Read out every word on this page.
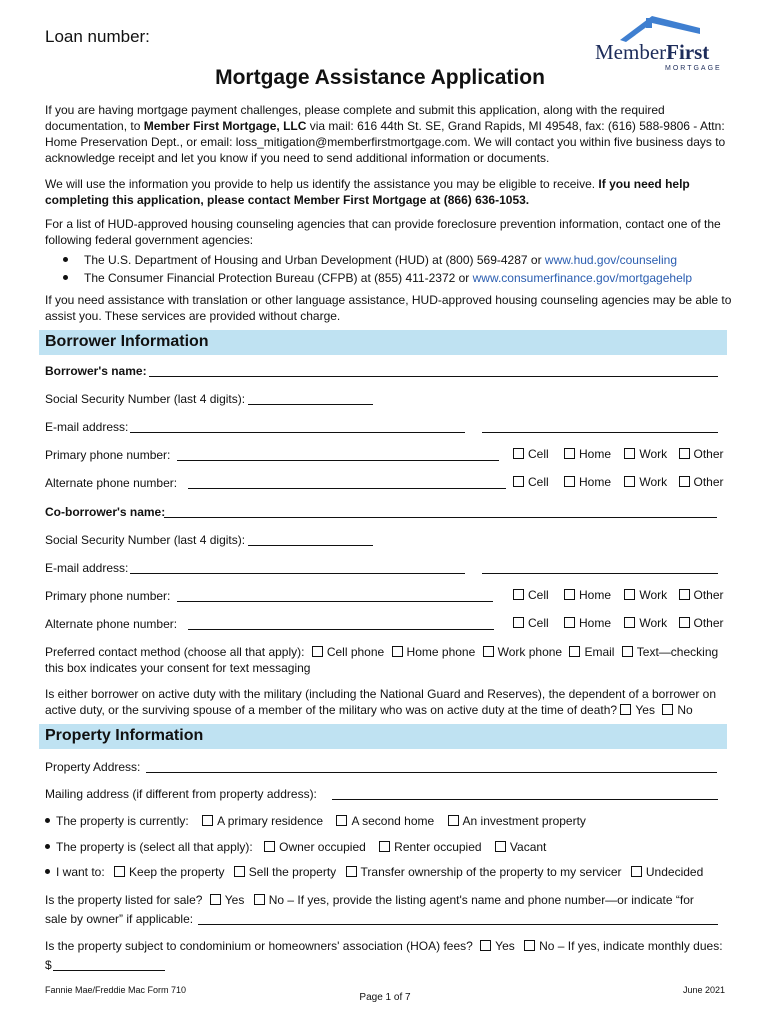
Loan number:
MemberFirst
MORTGAGE
Mortgage Assistance Application
If you are having mortgage payment challenges, please complete and submit this application, along with the required documentation, to Member First Mortgage, LLC via mail: 616 44th St. SE, Grand Rapids, MI 49548, fax: (616) 588-9806 - Attn: Home Preservation Dept., or email: loss_mitigation@memberfirstmortgage.com. We will contact you within five business days to acknowledge receipt and let you know if you need to send additional information or documents.
We will use the information you provide to help us identify the assistance you may be eligible to receive. If you need help completing this application, please contact Member First Mortgage at (866) 636-1053.
For a list of HUD-approved housing counseling agencies that can provide foreclosure prevention information, contact one of the following federal government agencies:
The U.S. Department of Housing and Urban Development (HUD) at (800) 569-4287 or www.hud.gov/counseling
The Consumer Financial Protection Bureau (CFPB) at (855) 411-2372 or www.consumerfinance.gov/mortgagehelp
If you need assistance with translation or other language assistance, HUD-approved housing counseling agencies may be able to assist you. These services are provided without charge.
Borrower Information
Borrower's name:
Social Security Number (last 4 digits):
E-mail address:
Primary phone number:	Cell	Home Work Other
Alternate phone number:	Cell	Home Work Other
Co-borrower's name:
Social Security Number (last 4 digits):
E-mail address:
Primary phone number:	Cell	Home Work Other
Alternate phone number:	Cell	Home Work Other
Preferred contact method (choose all that apply): Cell phone Home phone Work phone Email Text—checking
this box indicates your consent for text messaging
Is either borrower on active duty with the military (including the National Guard and Reserves), the dependent of a borrower on active duty, or the surviving spouse of a member of the military who was on active duty at the time of death? Yes No
Property Information
Property Address:
Mailing address (if different from property address):
The property is currently: A primary residence A second home An investment property
The property is (select all that apply): Owner occupied Renter occupied Vacant
I want to: Keep the property Sell the property Transfer ownership of the property to my servicer Undecided
Is the property listed for sale? Yes No – If yes, provide the listing agent's name and phone number—or indicate “for
sale by owner” if applicable:
Is the property subject to condominium or homeowners' association (HOA) fees? Yes No – If yes, indicate monthly dues:
$
Fannie Mae/Freddie Mac Form 710
Page 1 of 7
June 2021
